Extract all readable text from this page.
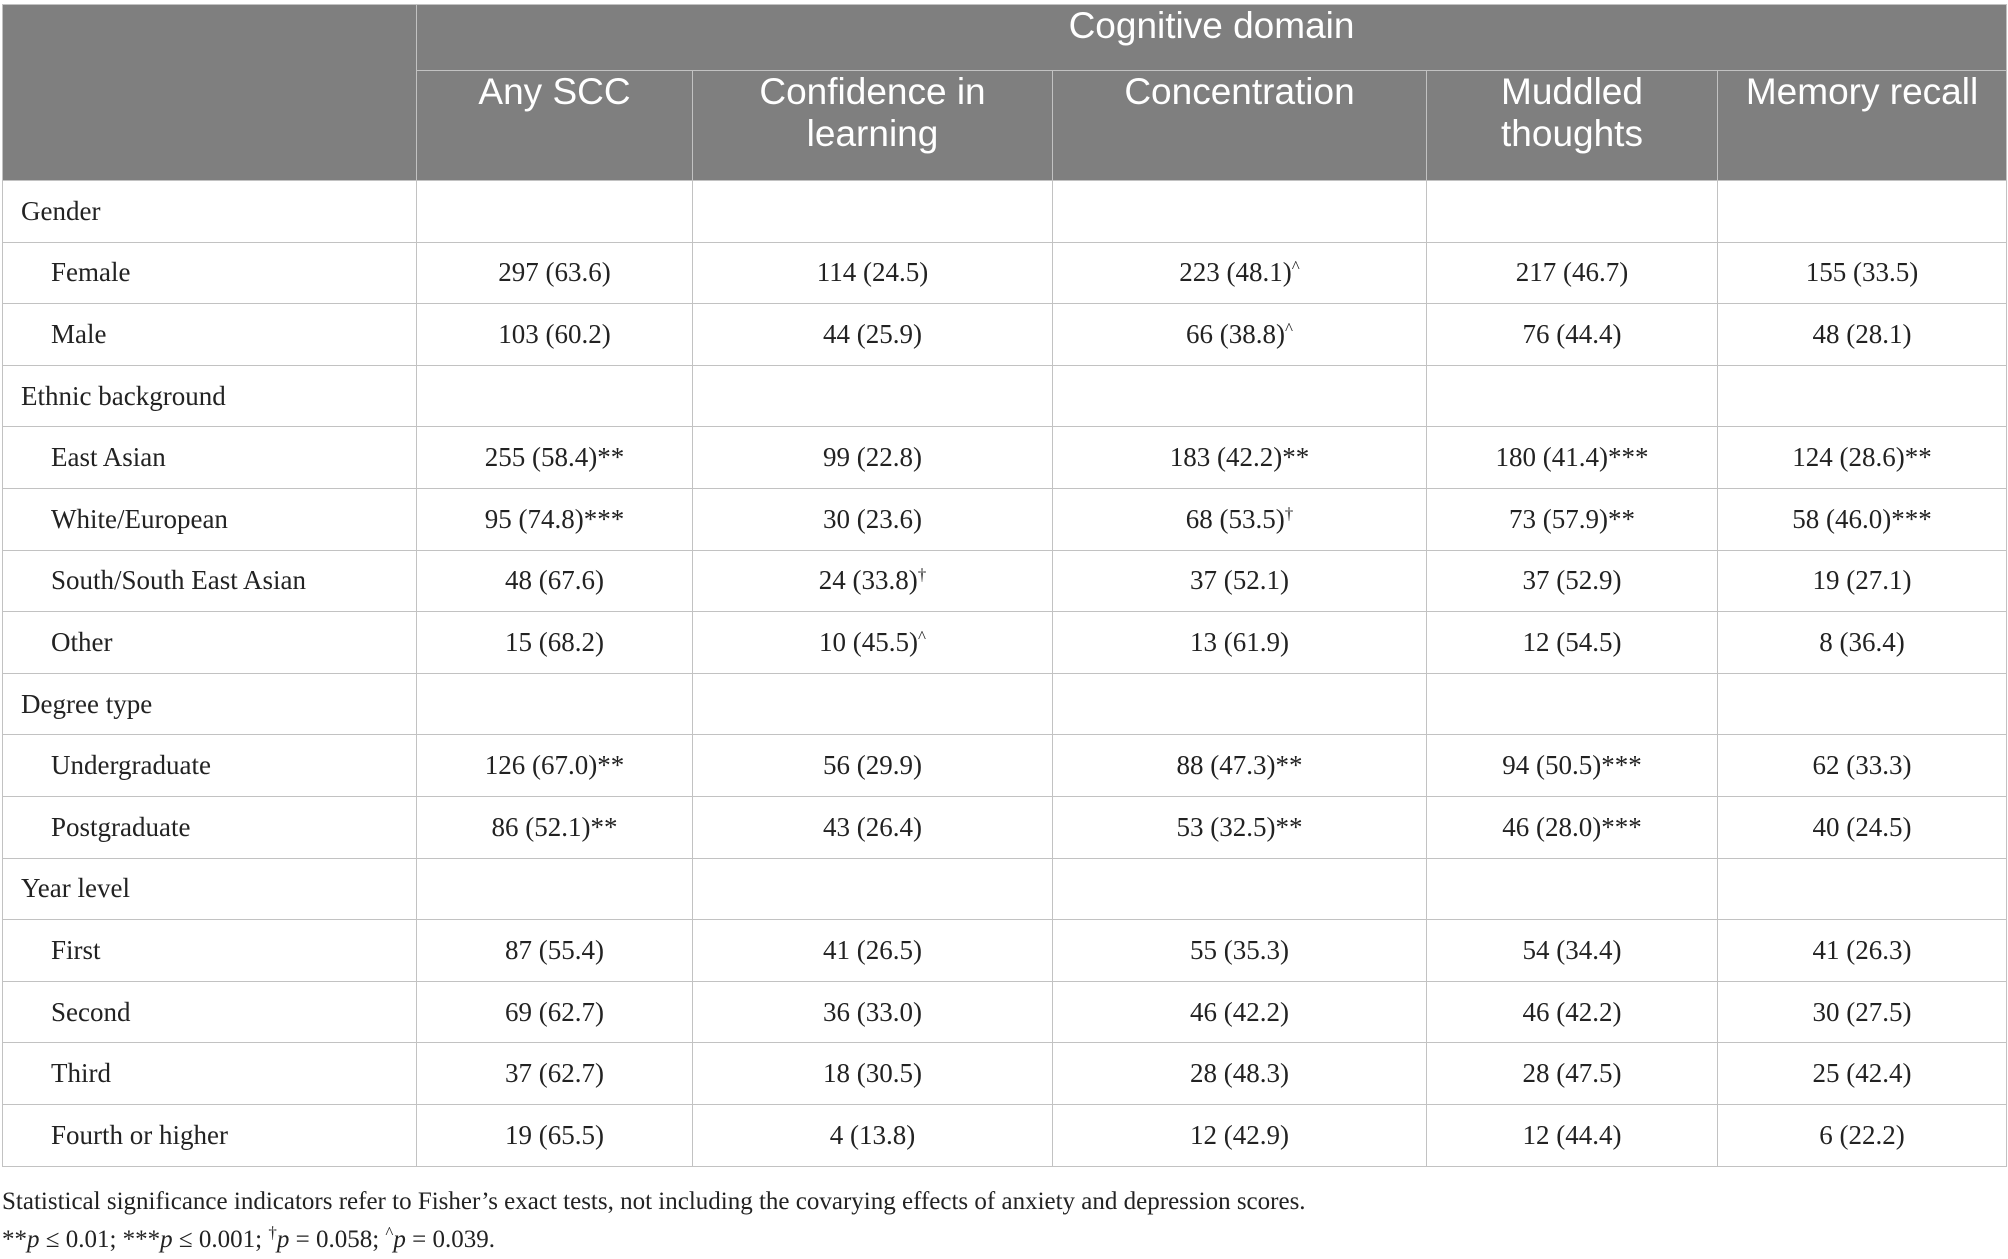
	Cognitive domain				
	Any SCC	Confidence in learning	Concentration	Muddled thoughts	Memory recall
Gender					
Female	297 (63.6)	114 (24.5)	223 (48.1)^	217 (46.7)	155 (33.5)
Male	103 (60.2)	44 (25.9)	66 (38.8)^	76 (44.4)	48 (28.1)
Ethnic background					
East Asian	255 (58.4)**	99 (22.8)	183 (42.2)**	180 (41.4)***	124 (28.6)**
White/European	95 (74.8)***	30 (23.6)	68 (53.5)†	73 (57.9)**	58 (46.0)***
South/South East Asian	48 (67.6)	24 (33.8)†	37 (52.1)	37 (52.9)	19 (27.1)
Other	15 (68.2)	10 (45.5)^	13 (61.9)	12 (54.5)	8 (36.4)
Degree type					
Undergraduate	126 (67.0)**	56 (29.9)	88 (47.3)**	94 (50.5)***	62 (33.3)
Postgraduate	86 (52.1)**	43 (26.4)	53 (32.5)**	46 (28.0)***	40 (24.5)
Year level					
First	87 (55.4)	41 (26.5)	55 (35.3)	54 (34.4)	41 (26.3)
Second	69 (62.7)	36 (33.0)	46 (42.2)	46 (42.2)	30 (27.5)
Third	37 (62.7)	18 (30.5)	28 (48.3)	28 (47.5)	25 (42.4)
Fourth or higher	19 (65.5)	4 (13.8)	12 (42.9)	12 (44.4)	6 (22.2)
Statistical significance indicators refer to Fisher’s exact tests, not including the covarying effects of anxiety and depression scores.
**p ≤ 0.01; ***p ≤ 0.001; †p = 0.058; ^p = 0.039.
